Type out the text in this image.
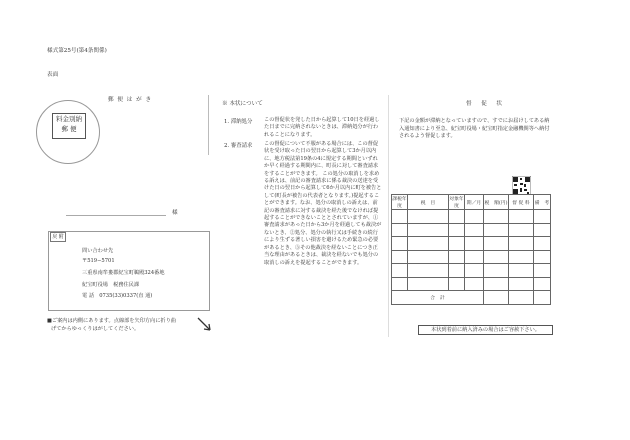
様式第25号(第4条関係)
表面
郵 便 は が き
料金別納
郵 便
様
戻 附
問い合わせ先
〒519−5701
三重県南牟婁郡紀宝町鵜殿324番地
紀宝町役場　税務住民課
電 話　0735(33)0337(直 通)
■ご案内は内側にあります。点線部を矢印方向に折り曲
げてからゆっくりはがしてください。
※ 本状について
1. 滞納処分 この督促状を発した日から起算して10日を経過した日までに完納されないときは、滞納処分が行われることになります。
2. 審査請求 この督促について不服がある場合には、この督促状を受け取った日の翌日から起算して3か月以内に、地方税法第19条の4に規定する期間といずれか早く経過する期間内に、町長に対して審査請求をすることができます。 この処分の取消しを求める訴えは、前記の審査請求に係る裁決の送達を受けた日の翌日から起算して6か月以内に町を被告として(町長が被告の代表者となります。)提起することができます。なお、処分の取消しの訴えは、前記の審査請求に対する裁決を経た後でなければ提起することができないこととされていますが、①審査請求があった日から3か月を経過しても裁決がないとき、②処分、処分の執行又は手続きの続行により生ずる著しい損害を避けるため緊急の必要があるとき、③その他裁決を経ないことにつき正当な理由があるときは、裁決を経ないでも処分の取消しの訴えを提起することができます。
督　促　状
下記の金額が滞納となっていますので、すでにお届けしてある納入通知書により至急、紀宝町役場・紀宝町指定金融機関等へ納付されるよう督促します。
課税年度	税　目	対象年度	期／月	税　額(円)	督 促 料	備　考

合　計						
本状到着前に納入済みの場合はご容赦下さい。
